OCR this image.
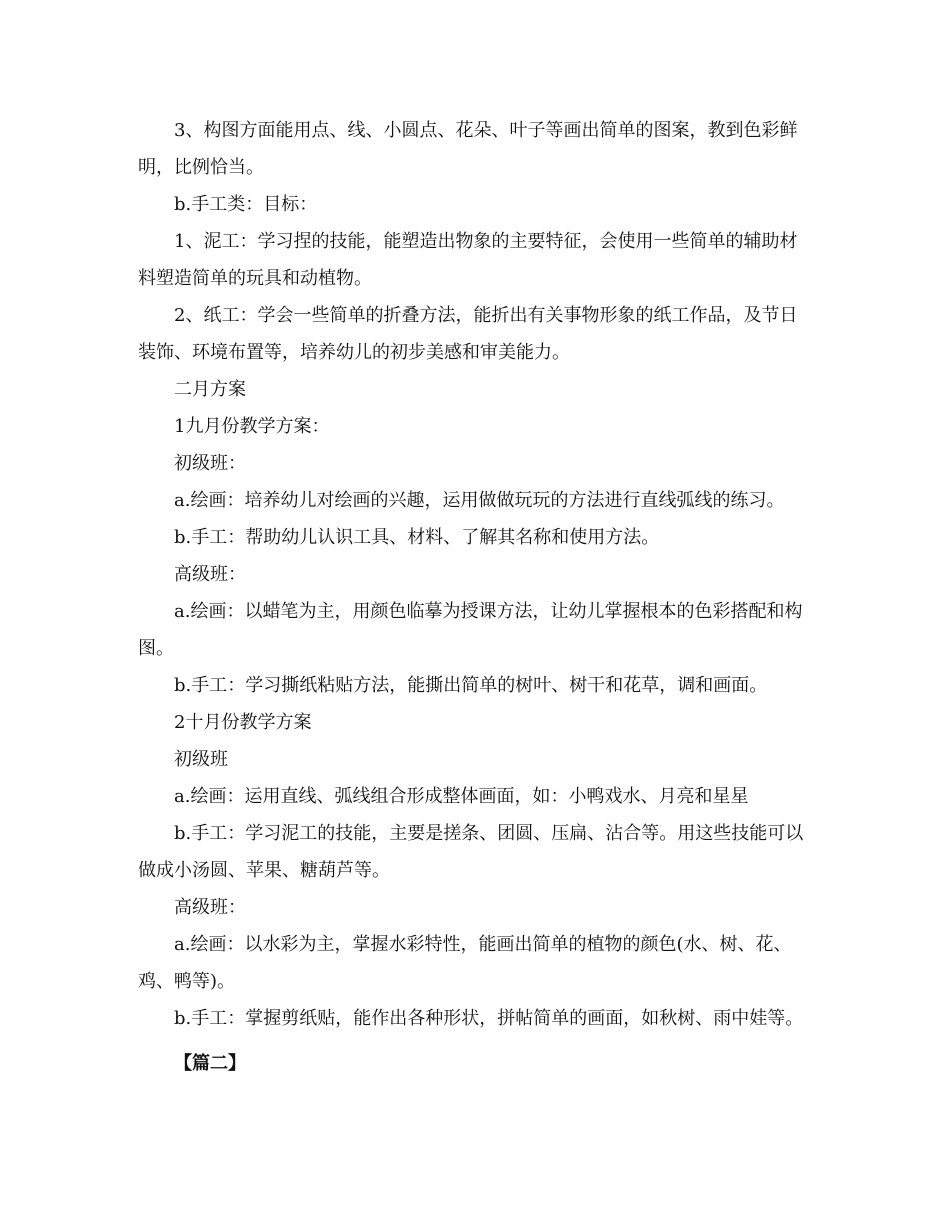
3、构图方面能用点、线、小圆点、花朵、叶子等画出简单的图案，教到色彩鲜明，比例恰当。

b.手工类：目标：

1、泥工：学习捏的技能，能塑造出物象的主要特征，会使用一些简单的辅助材料塑造简单的玩具和动植物。

2、纸工：学会一些简单的折叠方法，能折出有关事物形象的纸工作品，及节日装饰、环境布置等，培养幼儿的初步美感和审美能力。

二月方案

1九月份教学方案：

初级班：

a.绘画：培养幼儿对绘画的兴趣，运用做做玩玩的方法进行直线弧线的练习。

b.手工：帮助幼儿认识工具、材料、了解其名称和使用方法。

高级班：

a.绘画：以蜡笔为主，用颜色临摹为授课方法，让幼儿掌握根本的色彩搭配和构图。

b.手工：学习撕纸粘贴方法，能撕出简单的树叶、树干和花草，调和画面。

2十月份教学方案

初级班

a.绘画：运用直线、弧线组合形成整体画面，如：小鸭戏水、月亮和星星

b.手工：学习泥工的技能，主要是搓条、团圆、压扁、沾合等。用这些技能可以做成小汤圆、苹果、糖葫芦等。

高级班：

a.绘画：以水彩为主，掌握水彩特性，能画出简单的植物的颜色(水、树、花、鸡、鸭等)。

b.手工：掌握剪纸贴，能作出各种形状，拼帖简单的画面，如秋树、雨中娃等。

【篇二】
